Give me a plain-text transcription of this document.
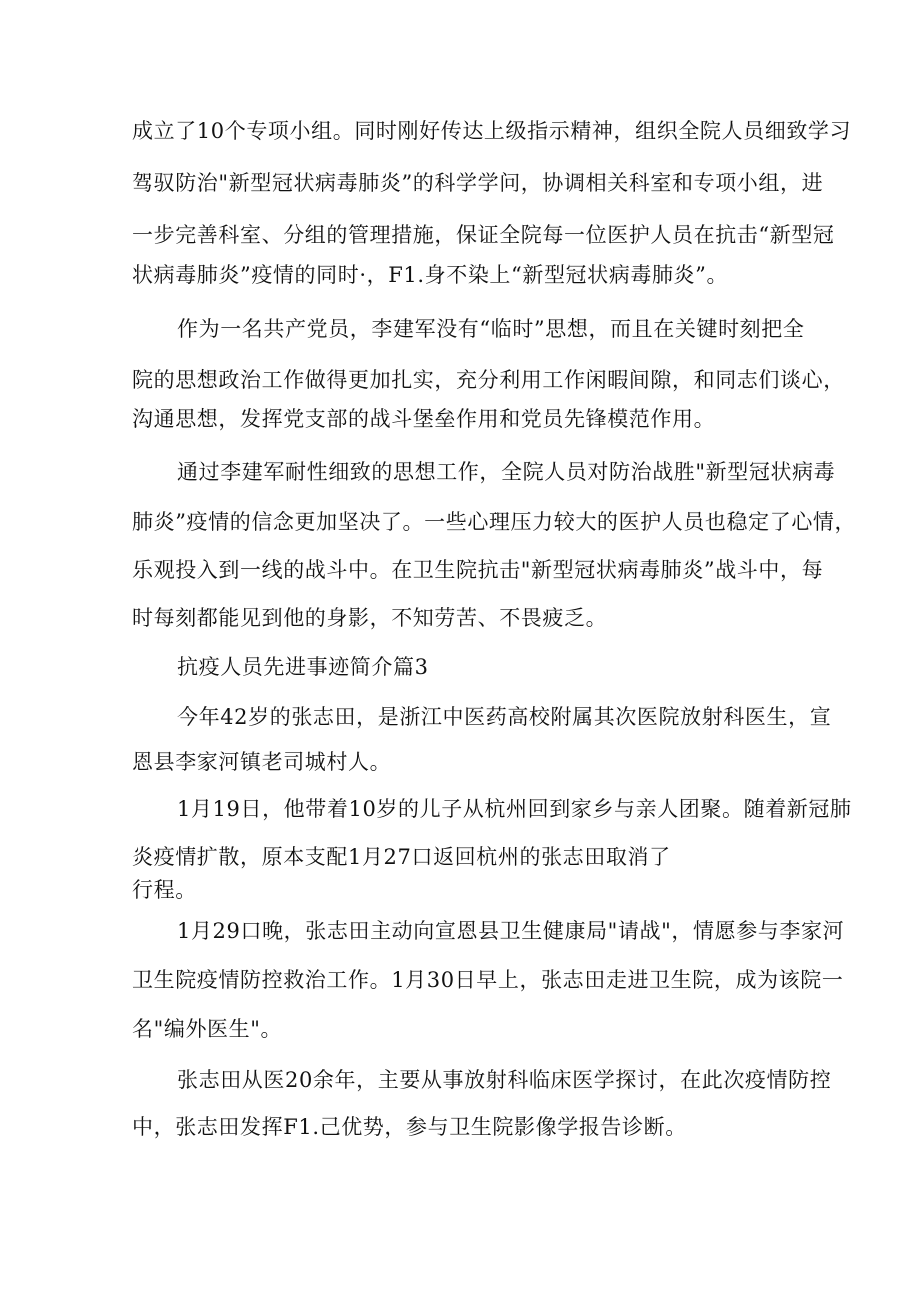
成立了10个专项小组。同时刚好传达上级指示精神，组织全院人员细致学习
驾驭防治"新型冠状病毒肺炎”的科学学问，协调相关科室和专项小组，进
一步完善科室、分组的管理措施，保证全院每一位医护人员在抗击“新型冠
状病毒肺炎”疫情的同时·，F1.身不染上“新型冠状病毒肺炎”。
作为一名共产党员，李建军没有“临时”思想，而且在关键时刻把全
院的思想政治工作做得更加扎实，充分利用工作闲暇间隙，和同志们谈心，
沟通思想，发挥党支部的战斗堡垒作用和党员先锋模范作用。
通过李建军耐性细致的思想工作，全院人员对防治战胜"新型冠状病毒
肺炎”疫情的信念更加坚决了。一些心理压力较大的医护人员也稳定了心情，
乐观投入到一线的战斗中。在卫生院抗击"新型冠状病毒肺炎”战斗中，每
时每刻都能见到他的身影，不知劳苦、不畏疲乏。
抗疫人员先进事迹简介篇3
今年42岁的张志田，是浙江中医药高校附属其次医院放射科医生，宣
恩县李家河镇老司城村人。
1月19日，他带着10岁的儿子从杭州回到家乡与亲人团聚。随着新冠肺
炎疫情扩散，原本支配1月27口返回杭州的张志田取消了
行程。
1月29口晚，张志田主动向宣恩县卫生健康局"请战"，情愿参与李家河
卫生院疫情防控救治工作。1月30日早上，张志田走进卫生院，成为该院一
名"编外医生"。
张志田从医20余年，主要从事放射科临床医学探讨，在此次疫情防控
中，张志田发挥F1.己优势，参与卫生院影像学报告诊断。
